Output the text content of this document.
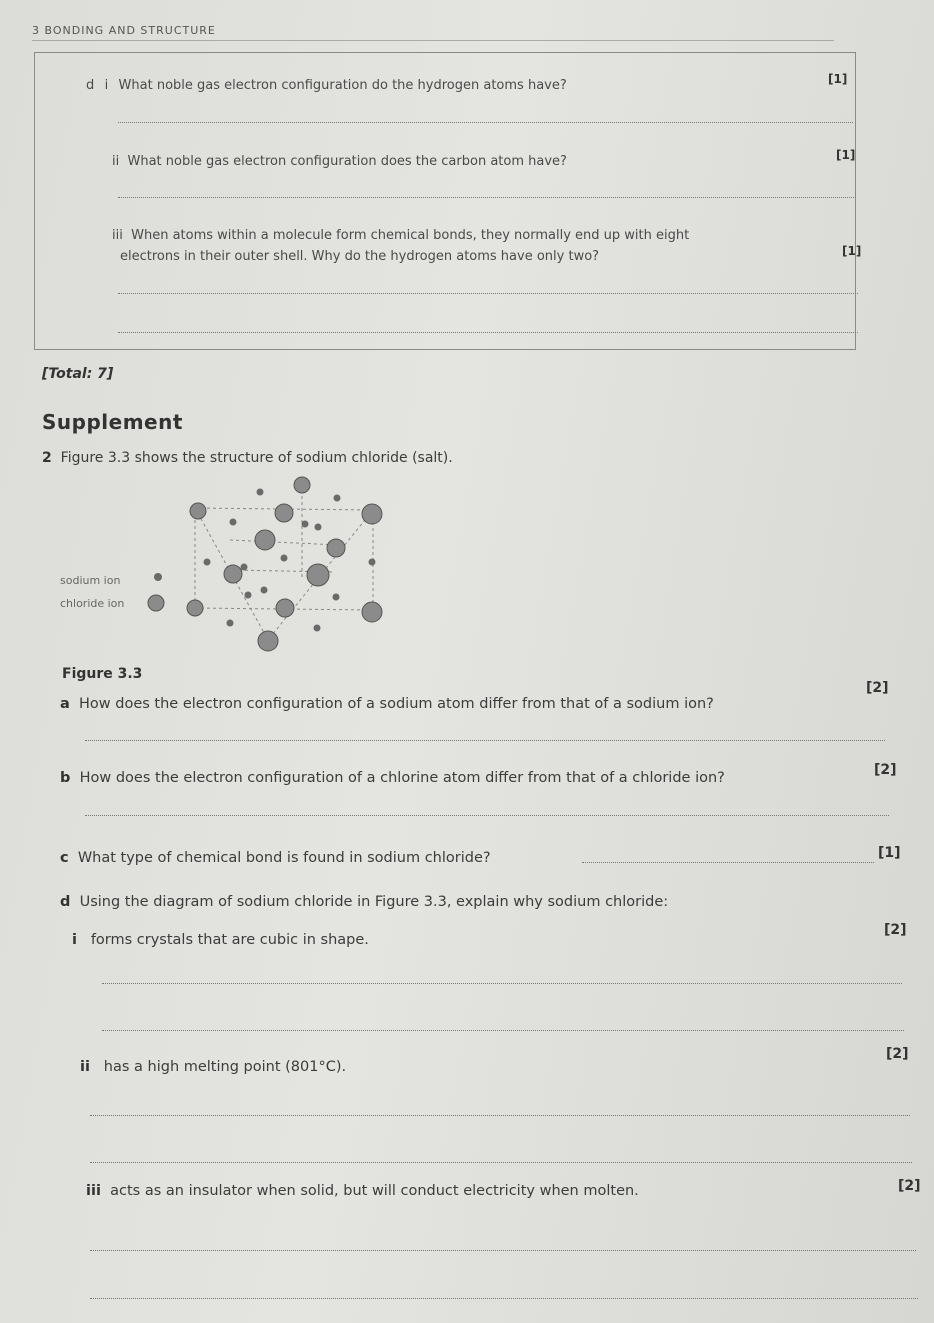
3 BONDING AND STRUCTURE
d i What noble gas electron configuration do the hydrogen atoms have?	[1]
ii What noble gas electron configuration does the carbon atom have?	[1]
iii When atoms within a molecule form chemical bonds, they normally end up with eight
electrons in their outer shell. Why do the hydrogen atoms have only two?	[1]
[Total: 7]
Supplement
2 Figure 3.3 shows the structure of sodium chloride (salt).
sodium ion
chloride ion
Figure 3.3
a How does the electron configuration of a sodium atom differ from that of a sodium ion?
[2]
b How does the electron configuration of a chlorine atom differ from that of a chloride ion?	[2]
c What type of chemical bond is found in sodium chloride?	[1]
d Using the diagram of sodium chloride in Figure 3.3, explain why sodium chloride:
i forms crystals that are cubic in shape.
[2]
ii has a high melting point (801°C).
[2]
iii acts as an insulator when solid, but will conduct electricity when molten.	[2]
